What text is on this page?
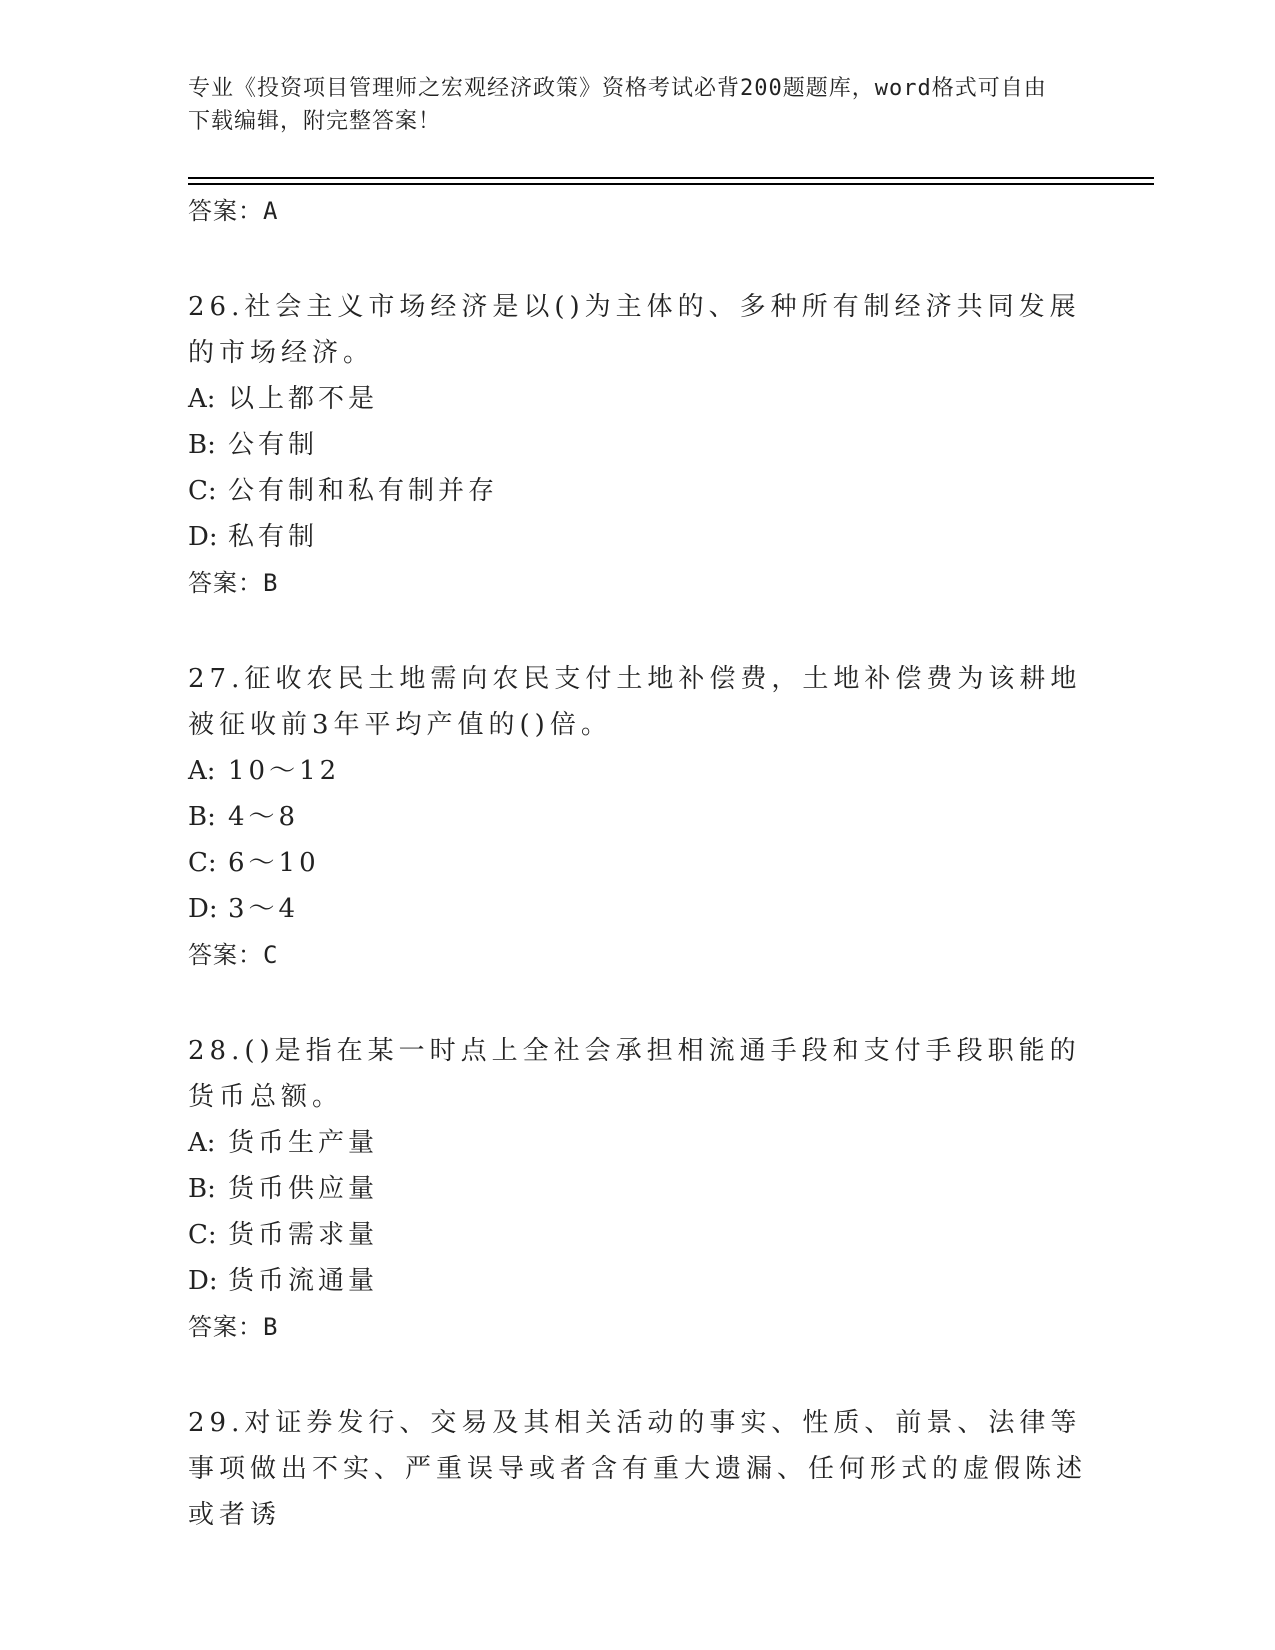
专业《投资项目管理师之宏观经济政策》资格考试必背200题题库，word格式可自由下载编辑，附完整答案！
答案：A
26.社会主义市场经济是以()为主体的、多种所有制经济共同发展的市场经济。
A: 以上都不是
B: 公有制
C: 公有制和私有制并存
D: 私有制
答案：B
27.征收农民土地需向农民支付土地补偿费，土地补偿费为该耕地被征收前3年平均产值的()倍。
A: 10～12
B: 4～8
C: 6～10
D: 3～4
答案：C
28.()是指在某一时点上全社会承担相流通手段和支付手段职能的货币总额。
A: 货币生产量
B: 货币供应量
C: 货币需求量
D: 货币流通量
答案：B
29.对证券发行、交易及其相关活动的事实、性质、前景、法律等事项做出不实、严重误导或者含有重大遗漏、任何形式的虚假陈述或者诱
